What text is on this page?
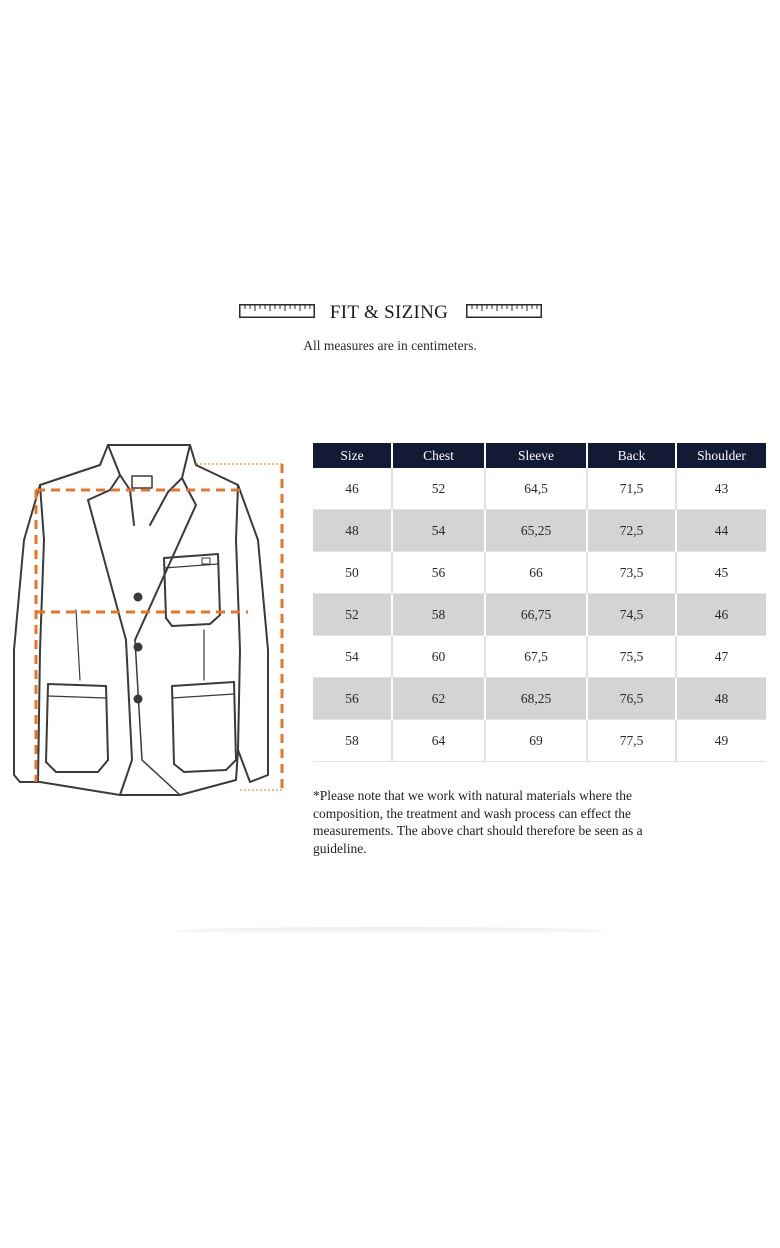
FIT & SIZING
All measures are in centimeters.
Size	Chest	Sleeve	Back	Shoulder
46	52	64,5	71,5	43
48	54	65,25	72,5	44
50	56	66	73,5	45
52	58	66,75	74,5	46
54	60	67,5	75,5	47
56	62	68,25	76,5	48
58	64	69	77,5	49
*Please note that we work with natural materials where the composition, the treatment and wash process can effect the measurements. The above chart should therefore be seen as a guideline.
